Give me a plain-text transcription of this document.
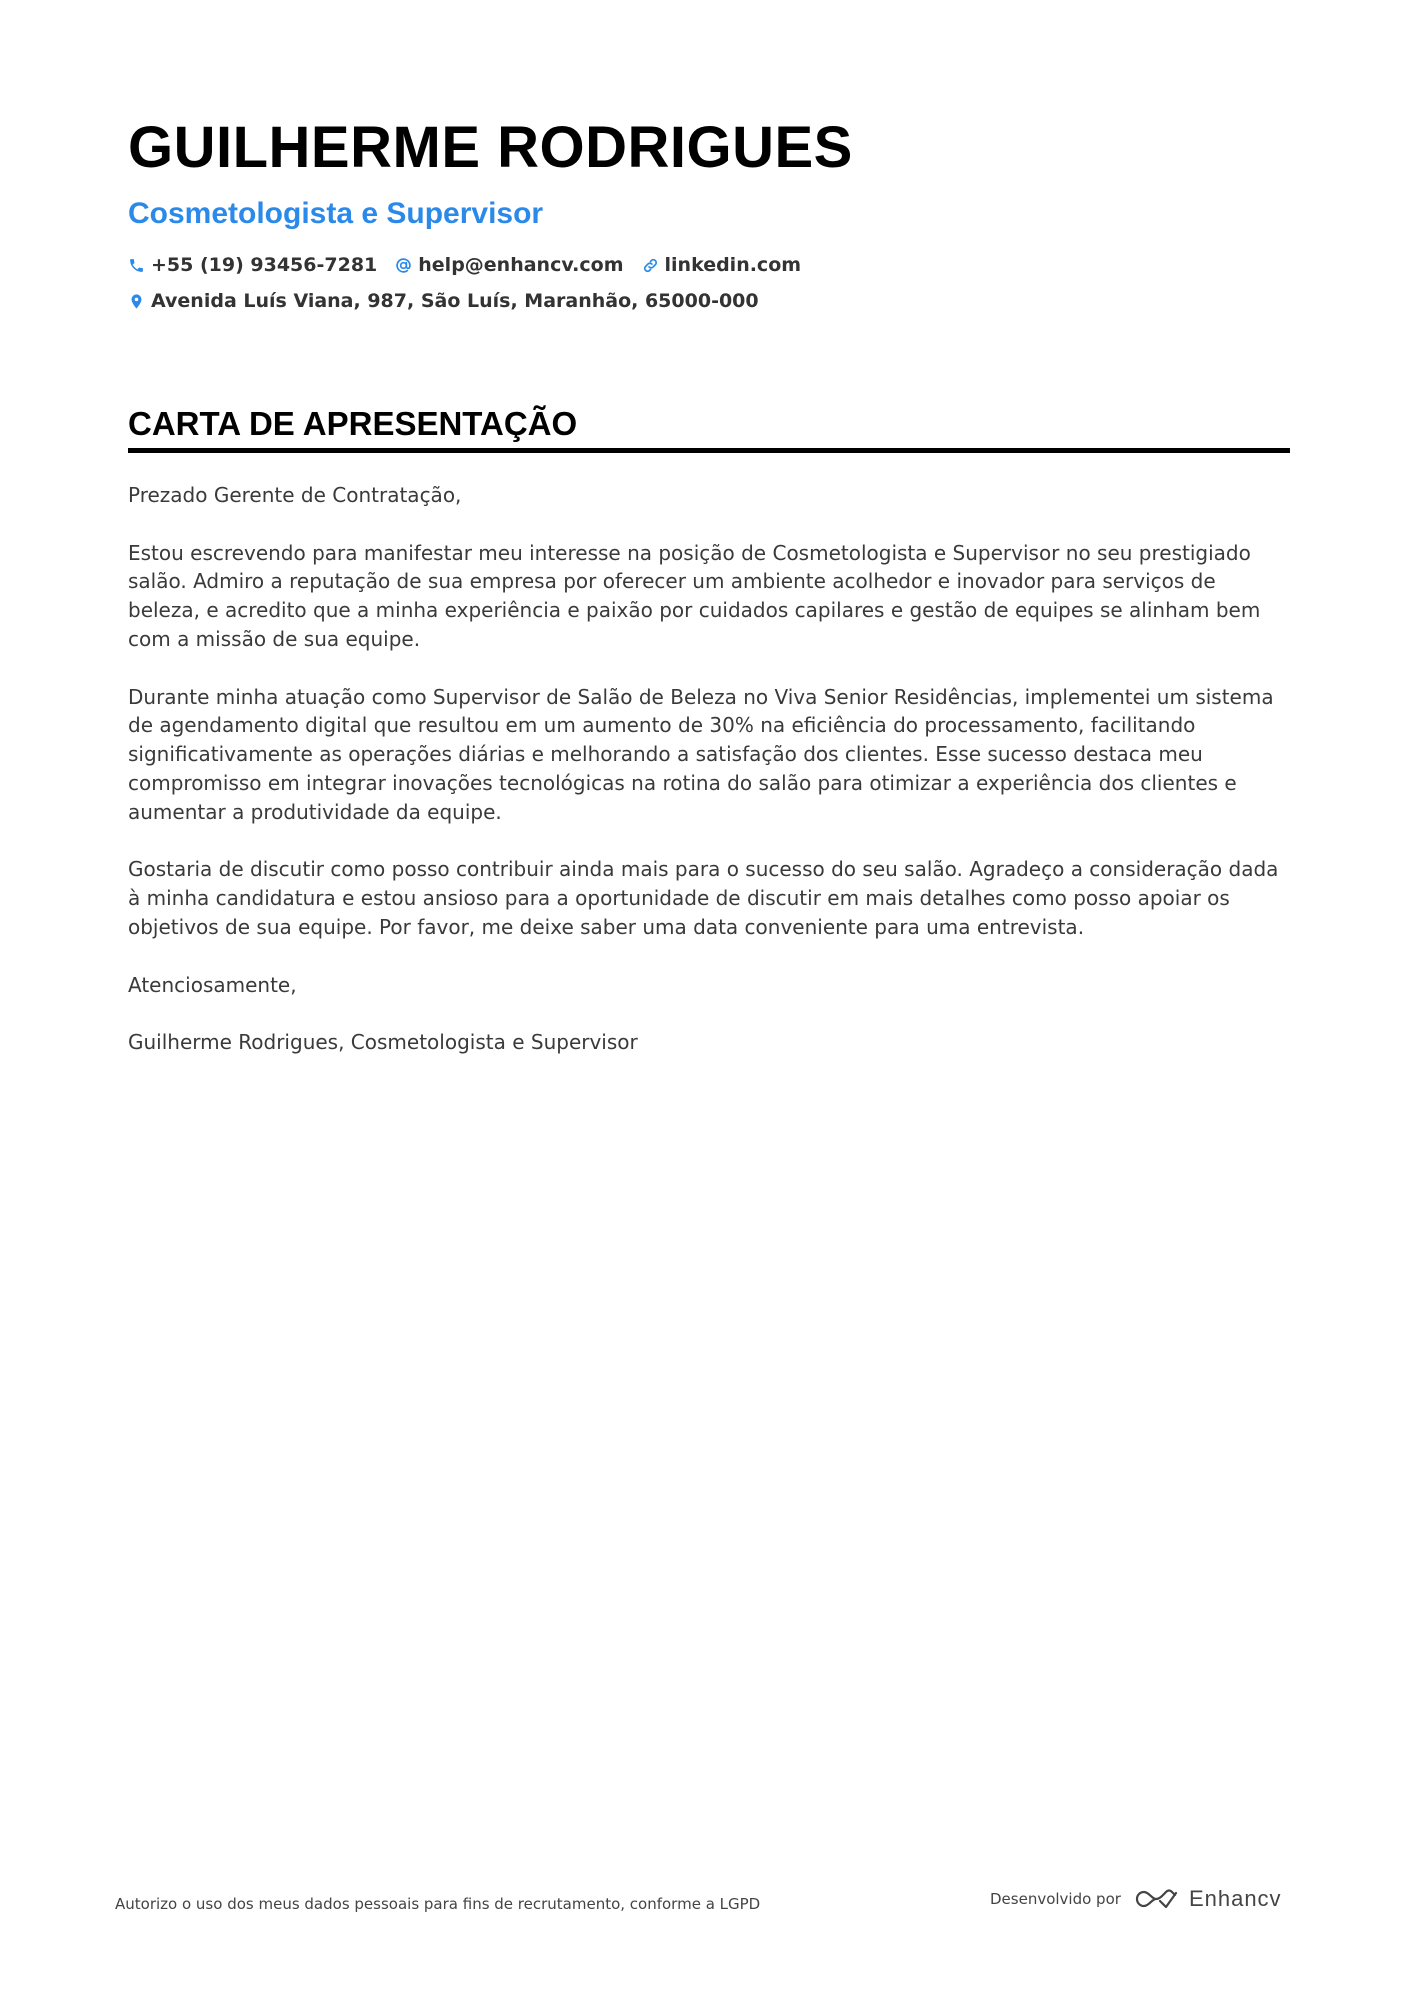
GUILHERME RODRIGUES
Cosmetologista e Supervisor
+55 (19) 93456-7281 help@enhancv.com linkedin.com
Avenida Luís Viana, 987, São Luís, Maranhão, 65000-000
CARTA DE APRESENTAÇÃO

Prezado Gerente de Contratação,

Estou escrevendo para manifestar meu interesse na posição de Cosmetologista e Supervisor no seu prestigiado salão. Admiro a reputação de sua empresa por oferecer um ambiente acolhedor e inovador para serviços de beleza, e acredito que a minha experiência e paixão por cuidados capilares e gestão de equipes se alinham bem com a missão de sua equipe.

Durante minha atuação como Supervisor de Salão de Beleza no Viva Senior Residências, implementei um sistema de agendamento digital que resultou em um aumento de 30% na eficiência do processamento, facilitando significativamente as operações diárias e melhorando a satisfação dos clientes. Esse sucesso destaca meu compromisso em integrar inovações tecnológicas na rotina do salão para otimizar a experiência dos clientes e aumentar a produtividade da equipe.

Gostaria de discutir como posso contribuir ainda mais para o sucesso do seu salão. Agradeço a consideração dada à minha candidatura e estou ansioso para a oportunidade de discutir em mais detalhes como posso apoiar os objetivos de sua equipe. Por favor, me deixe saber uma data conveniente para uma entrevista.

Atenciosamente,

Guilherme Rodrigues, Cosmetologista e Supervisor

Autorizo o uso dos meus dados pessoais para fins de recrutamento, conforme a LGPD	Desenvolvido por	Enhancv
